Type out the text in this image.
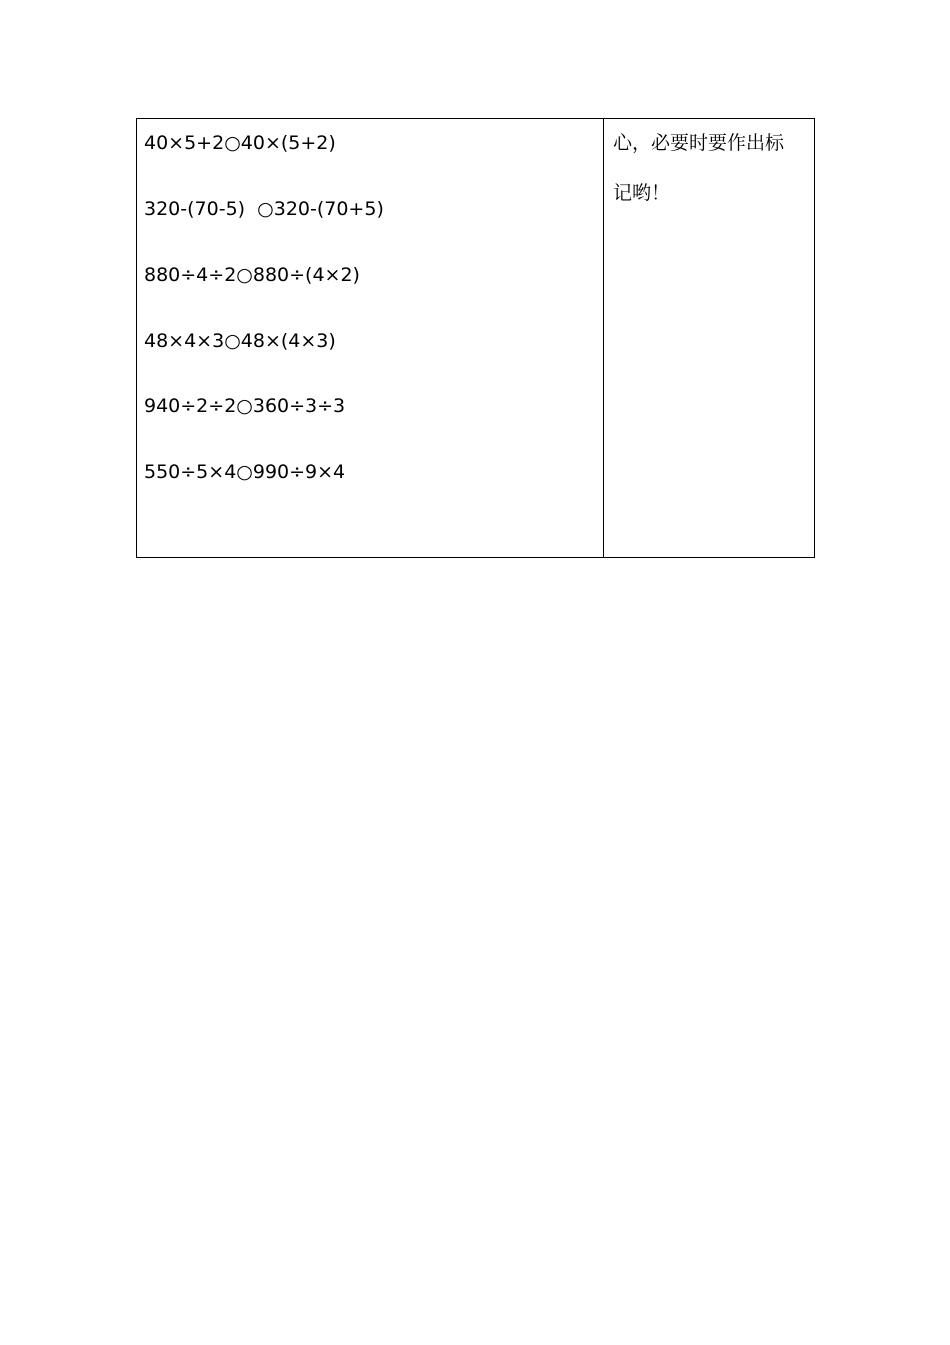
40×5+2○40×(5+2)
320-(70-5)  ○320-(70+5)
880÷4÷2○880÷(4×2)
48×4×3○48×(4×3)
940÷2÷2○360÷3÷3
550÷5×4○990÷9×4
心，必要时要作出标
记哟！
